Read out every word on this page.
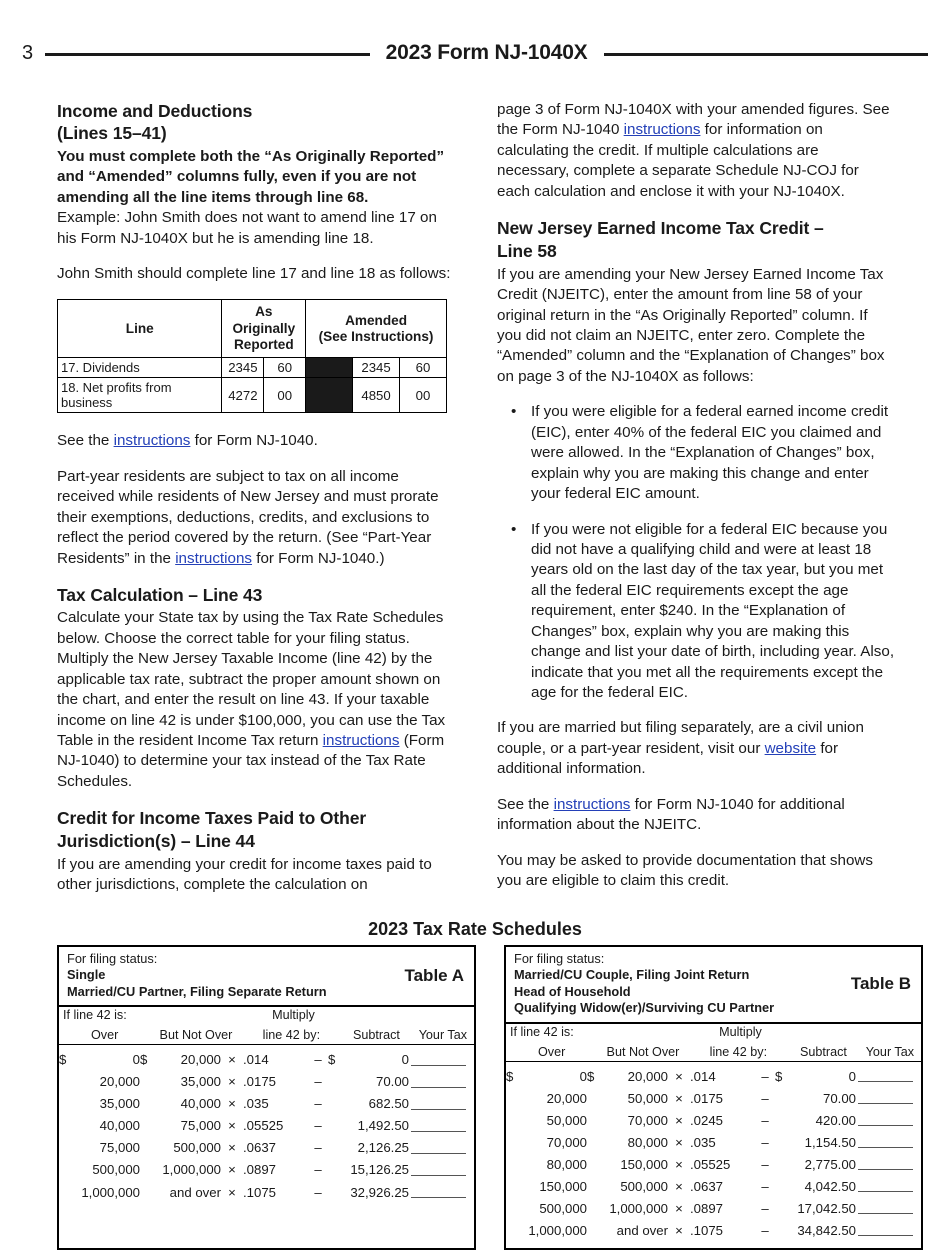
3	2023 Form NJ-1040X
Income and Deductions
(Lines 15–41)

You must complete both the “As Originally Reported” and “Amended” columns fully, even if you are not amending all the line items through line 68.

Example: John Smith does not want to amend line 17 on his Form NJ-1040X but he is amending line 18.

John Smith should complete line 17 and line 18 as follows:

Line	As Originally
Reported		Amended
(See Instructions)		
17. Dividends	2345	60		2345	60
18. Net profits from business	4272	00		4850	00

See the instructions for Form NJ-1040.

Part-year residents are subject to tax on all income received while residents of New Jersey and must prorate their exemptions, deductions, credits, and exclusions to reflect the period covered by the return. (See “Part-Year Residents” in the instructions for Form NJ-1040.)

Tax Calculation – Line 43

Calculate your State tax by using the Tax Rate Schedules below. Choose the correct table for your filing status. Multiply the New Jersey Taxable Income (line 42) by the applicable tax rate, subtract the proper amount shown on the chart, and enter the result on line 43. If your taxable income on line 42 is under $100,000, you can use the Tax Table in the resident Income Tax return instructions (Form NJ-1040) to determine your tax instead of the Tax Rate Schedules.

Credit for Income Taxes Paid to Other
Jurisdiction(s) – Line 44

If you are amending your credit for income taxes paid to other jurisdictions, complete the calculation on

page 3 of Form NJ-1040X with your amended figures. See the Form NJ-1040 instructions for information on calculating the credit. If multiple calculations are necessary, complete a separate Schedule NJ-COJ for each calculation and enclose it with your NJ-1040X.

New Jersey Earned Income Tax Credit –
Line 58

If you are amending your New Jersey Earned Income Tax Credit (NJEITC), enter the amount from line 58 of your original return in the “As Originally Reported” column. If you did not claim an NJEITC, enter zero. Complete the “Amended” column and the “Explanation of Changes” box on page 3 of the NJ-1040X as follows:

• If you were eligible for a federal earned income credit (EIC), enter 40% of the federal EIC you claimed and were allowed. In the “Explanation of Changes” box, explain why you are making this change and enter your federal EIC amount.
• If you were not eligible for a federal EIC because you did not have a qualifying child and were at least 18 years old on the last day of the tax year, but you met all the federal EIC requirements except the age requirement, enter $240. In the “Explanation of Changes” box, explain why you are making this change and list your date of birth, including year. Also, indicate that you met all the requirements except the age for the federal EIC.

If you are married but filing separately, are a civil union couple, or a part-year resident, visit our website for additional information.

See the instructions for Form NJ-1040 for additional information about the NJEITC.

You may be asked to provide documentation that shows you are eligible to claim this credit.

2023 Tax Rate Schedules
For filing status:
Single
Married/CU Partner, Filing Separate Return
Table A
If line 42 is:	Multiply
Over	But Not Over	line 42 by:	Subtract	Your Tax
$	0	$	20,000	×	.014	–	$	0	

	20,000		35,000	×	.0175	–		70.00	

	35,000		40,000	×	.035	–		682.50	

	40,000		75,000	×	.05525	–		1,492.50	

	75,000		500,000	×	.0637	–		2,126.25	

	500,000		1,000,000	×	.0897	–		15,126.25	

	1,000,000		and over	×	.1075	–		32,926.25	
For filing status:
Married/CU Couple, Filing Joint Return
Head of Household
Qualifying Widow(er)/Surviving CU Partner
Table B
If line 42 is:	Multiply
Over	But Not Over	line 42 by:	Subtract	Your Tax
$	0	$	20,000	×	.014	–	$	0	

	20,000		50,000	×	.0175	–		70.00	

	50,000		70,000	×	.0245	–		420.00	

	70,000		80,000	×	.035	–		1,154.50	

	80,000		150,000	×	.05525	–		2,775.00	

	150,000		500,000	×	.0637	–		4,042.50	

	500,000		1,000,000	×	.0897	–		17,042.50	

	1,000,000		and over	×	.1075	–		34,842.50	
